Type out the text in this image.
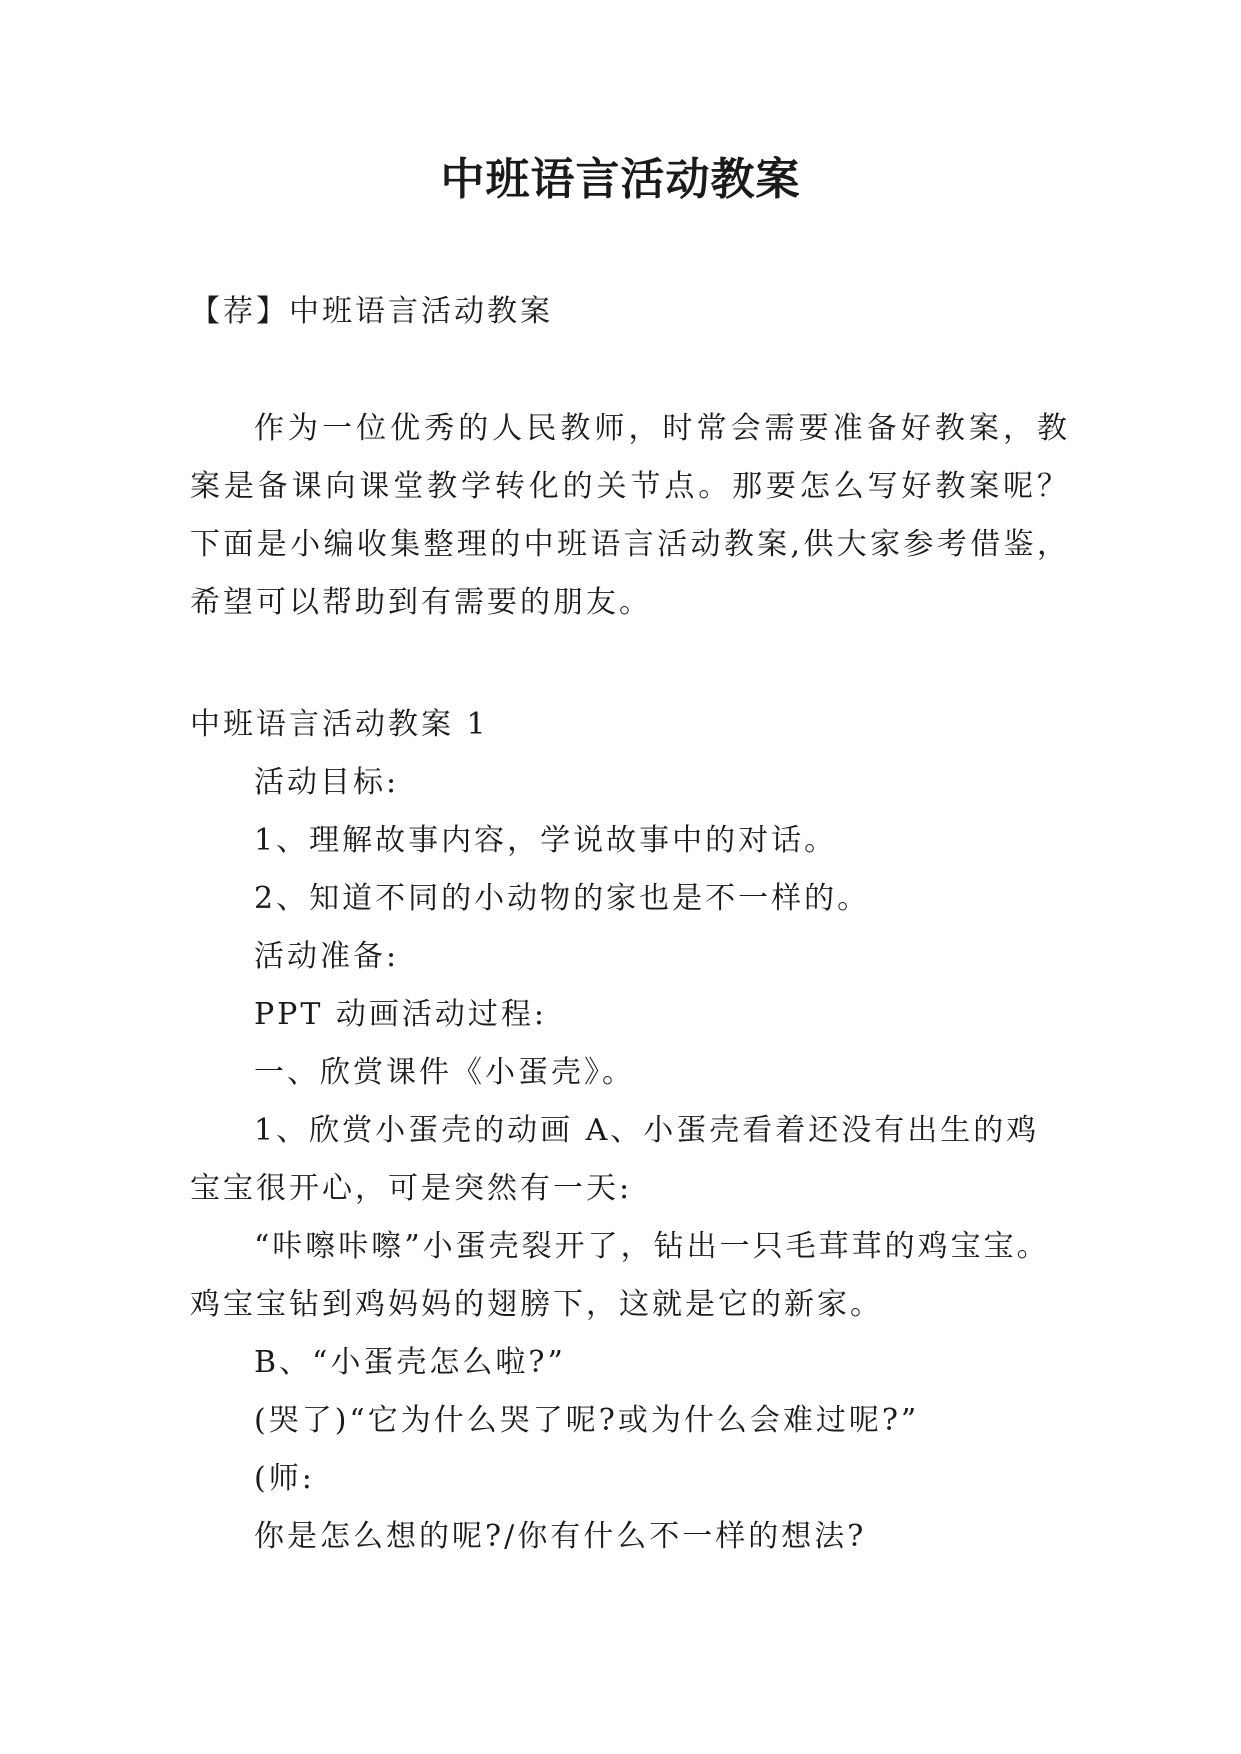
中班语言活动教案
【荐】中班语言活动教案
作为一位优秀的人民教师，时常会需要准备好教案，教案是备课向课堂教学转化的关节点。那要怎么写好教案呢？下面是小编收集整理的中班语言活动教案,供大家参考借鉴，希望可以帮助到有需要的朋友。

中班语言活动教案 1

活动目标:

1、理解故事内容，学说故事中的对话。

2、知道不同的小动物的家也是不一样的。

活动准备:

PPT 动画活动过程:

一、欣赏课件《小蛋壳》。

1、欣赏小蛋壳的动画 A、小蛋壳看着还没有出生的鸡宝宝很开心，可是突然有一天:

“咔嚓咔嚓”小蛋壳裂开了，钻出一只毛茸茸的鸡宝宝。鸡宝宝钻到鸡妈妈的翅膀下，这就是它的新家。

B、“小蛋壳怎么啦?”

(哭了)“它为什么哭了呢?或为什么会难过呢?”

(师:

你是怎么想的呢?/你有什么不一样的想法?
